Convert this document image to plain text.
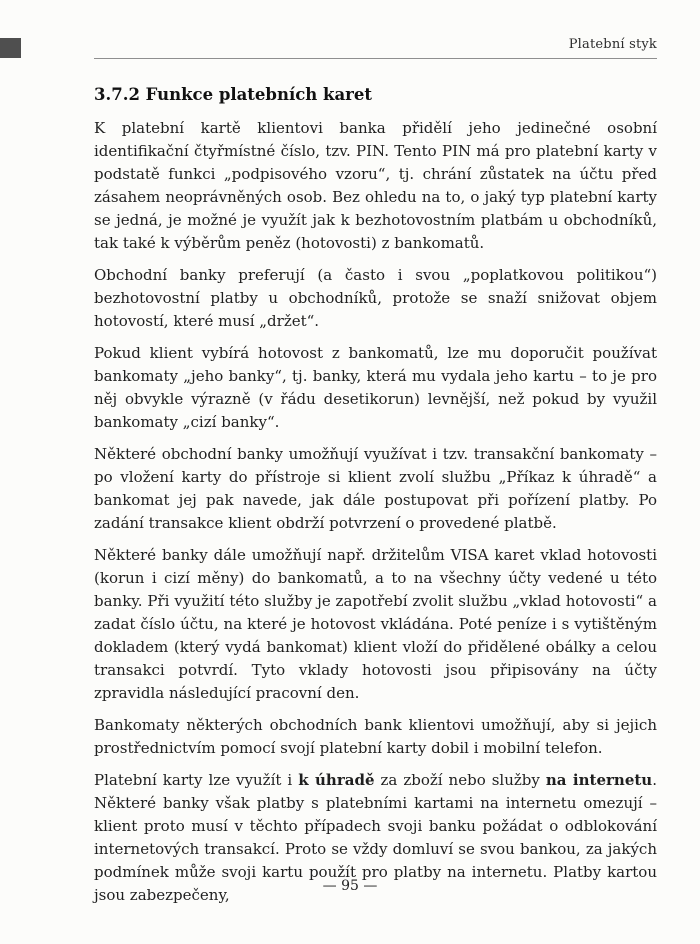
Platební styk
3.7.2 Funkce platebních karet

K platební kartě klientovi banka přidělí jeho jedinečné osobní identifikační čtyřmístné číslo, tzv. PIN. Tento PIN má pro platební karty v podstatě funkci „podpisového vzoru“, tj. chrání zůstatek na účtu před zásahem neoprávněných osob. Bez ohledu na to, o jaký typ platební karty se jedná, je možné je využít jak k bezhotovostním platbám u obchodníků, tak také k výběrům peněz (hotovosti) z bankomatů.

Obchodní banky preferují (a často i svou „poplatkovou politikou“) bezhotovostní platby u obchodníků, protože se snaží snižovat objem hotovostí, které musí „držet“.

Pokud klient vybírá hotovost z bankomatů, lze mu doporučit používat bankomaty „jeho banky“, tj. banky, která mu vydala jeho kartu – to je pro něj obvykle výrazně (v řádu desetikorun) levnější, než pokud by využil bankomaty „cizí banky“.

Některé obchodní banky umožňují využívat i tzv. transakční bankomaty – po vložení karty do přístroje si klient zvolí službu „Příkaz k úhradě“ a bankomat jej pak navede, jak dále postupovat při pořízení platby. Po zadání transakce klient obdrží potvrzení o provedené platbě.

Některé banky dále umožňují např. držitelům VISA karet vklad hotovosti (korun i cizí měny) do bankomatů, a to na všechny účty vedené u této banky. Při využití této služby je zapotřebí zvolit službu „vklad hotovosti“ a zadat číslo účtu, na které je hotovost vkládána. Poté peníze i s vytištěným dokladem (který vydá bankomat) klient vloží do přidělené obálky a celou transakci potvrdí. Tyto vklady hotovosti jsou připisovány na účty zpravidla následující pracovní den.

Bankomaty některých obchodních bank klientovi umožňují, aby si jejich prostřednictvím pomocí svojí platební karty dobil i mobilní telefon.

Platební karty lze využít i k úhradě za zboží nebo služby na internetu. Některé banky však platby s platebními kartami na internetu omezují – klient proto musí v těchto případech svoji banku požádat o odblokování internetových transakcí. Proto se vždy domluví se svou bankou, za jakých podmínek může svoji kartu použít pro platby na internetu. Platby kartou jsou zabezpečeny,	— 95 —
